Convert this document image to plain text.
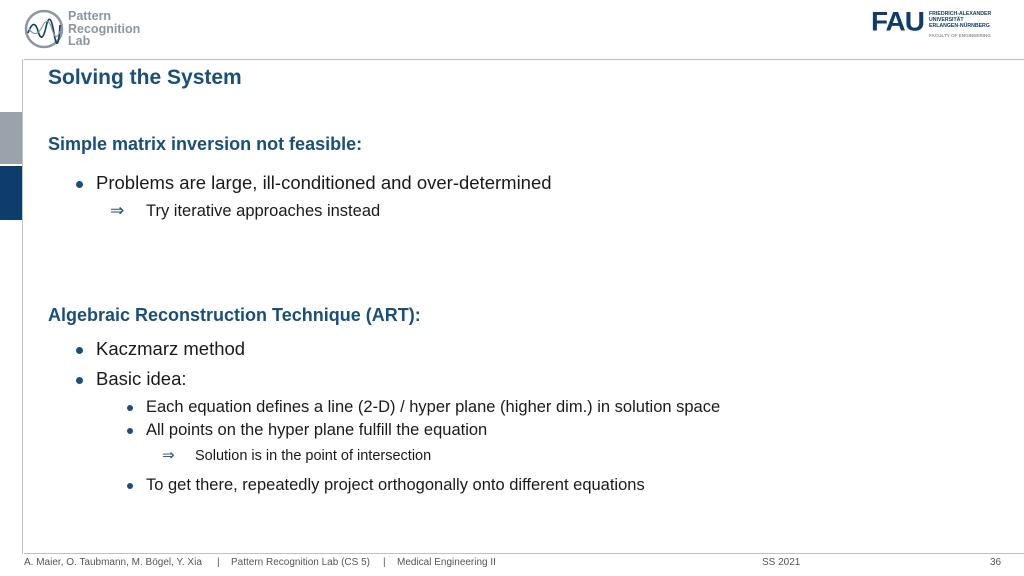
Pattern
Recognition
Lab
FAU FRIEDRICH-ALEXANDER
UNIVERSITÄT
ERLANGEN-NÜRNBERG
FACULTY OF ENGINEERING
Solving the System
Simple matrix inversion not feasible:
Problems are large, ill-conditioned and over-determined
⇒ Try iterative approaches instead
Algebraic Reconstruction Technique (ART):
Kaczmarz method
Basic idea:
Each equation defines a line (2-D) / hyper plane (higher dim.) in solution space
All points on the hyper plane fulfill the equation
⇒ Solution is in the point of intersection
To get there, repeatedly project orthogonally onto different equations
A. Maier, O. Taubmann, M. Bögel, Y. Xia | Pattern Recognition Lab (CS 5) | Medical Engineering II	SS 2021	36
